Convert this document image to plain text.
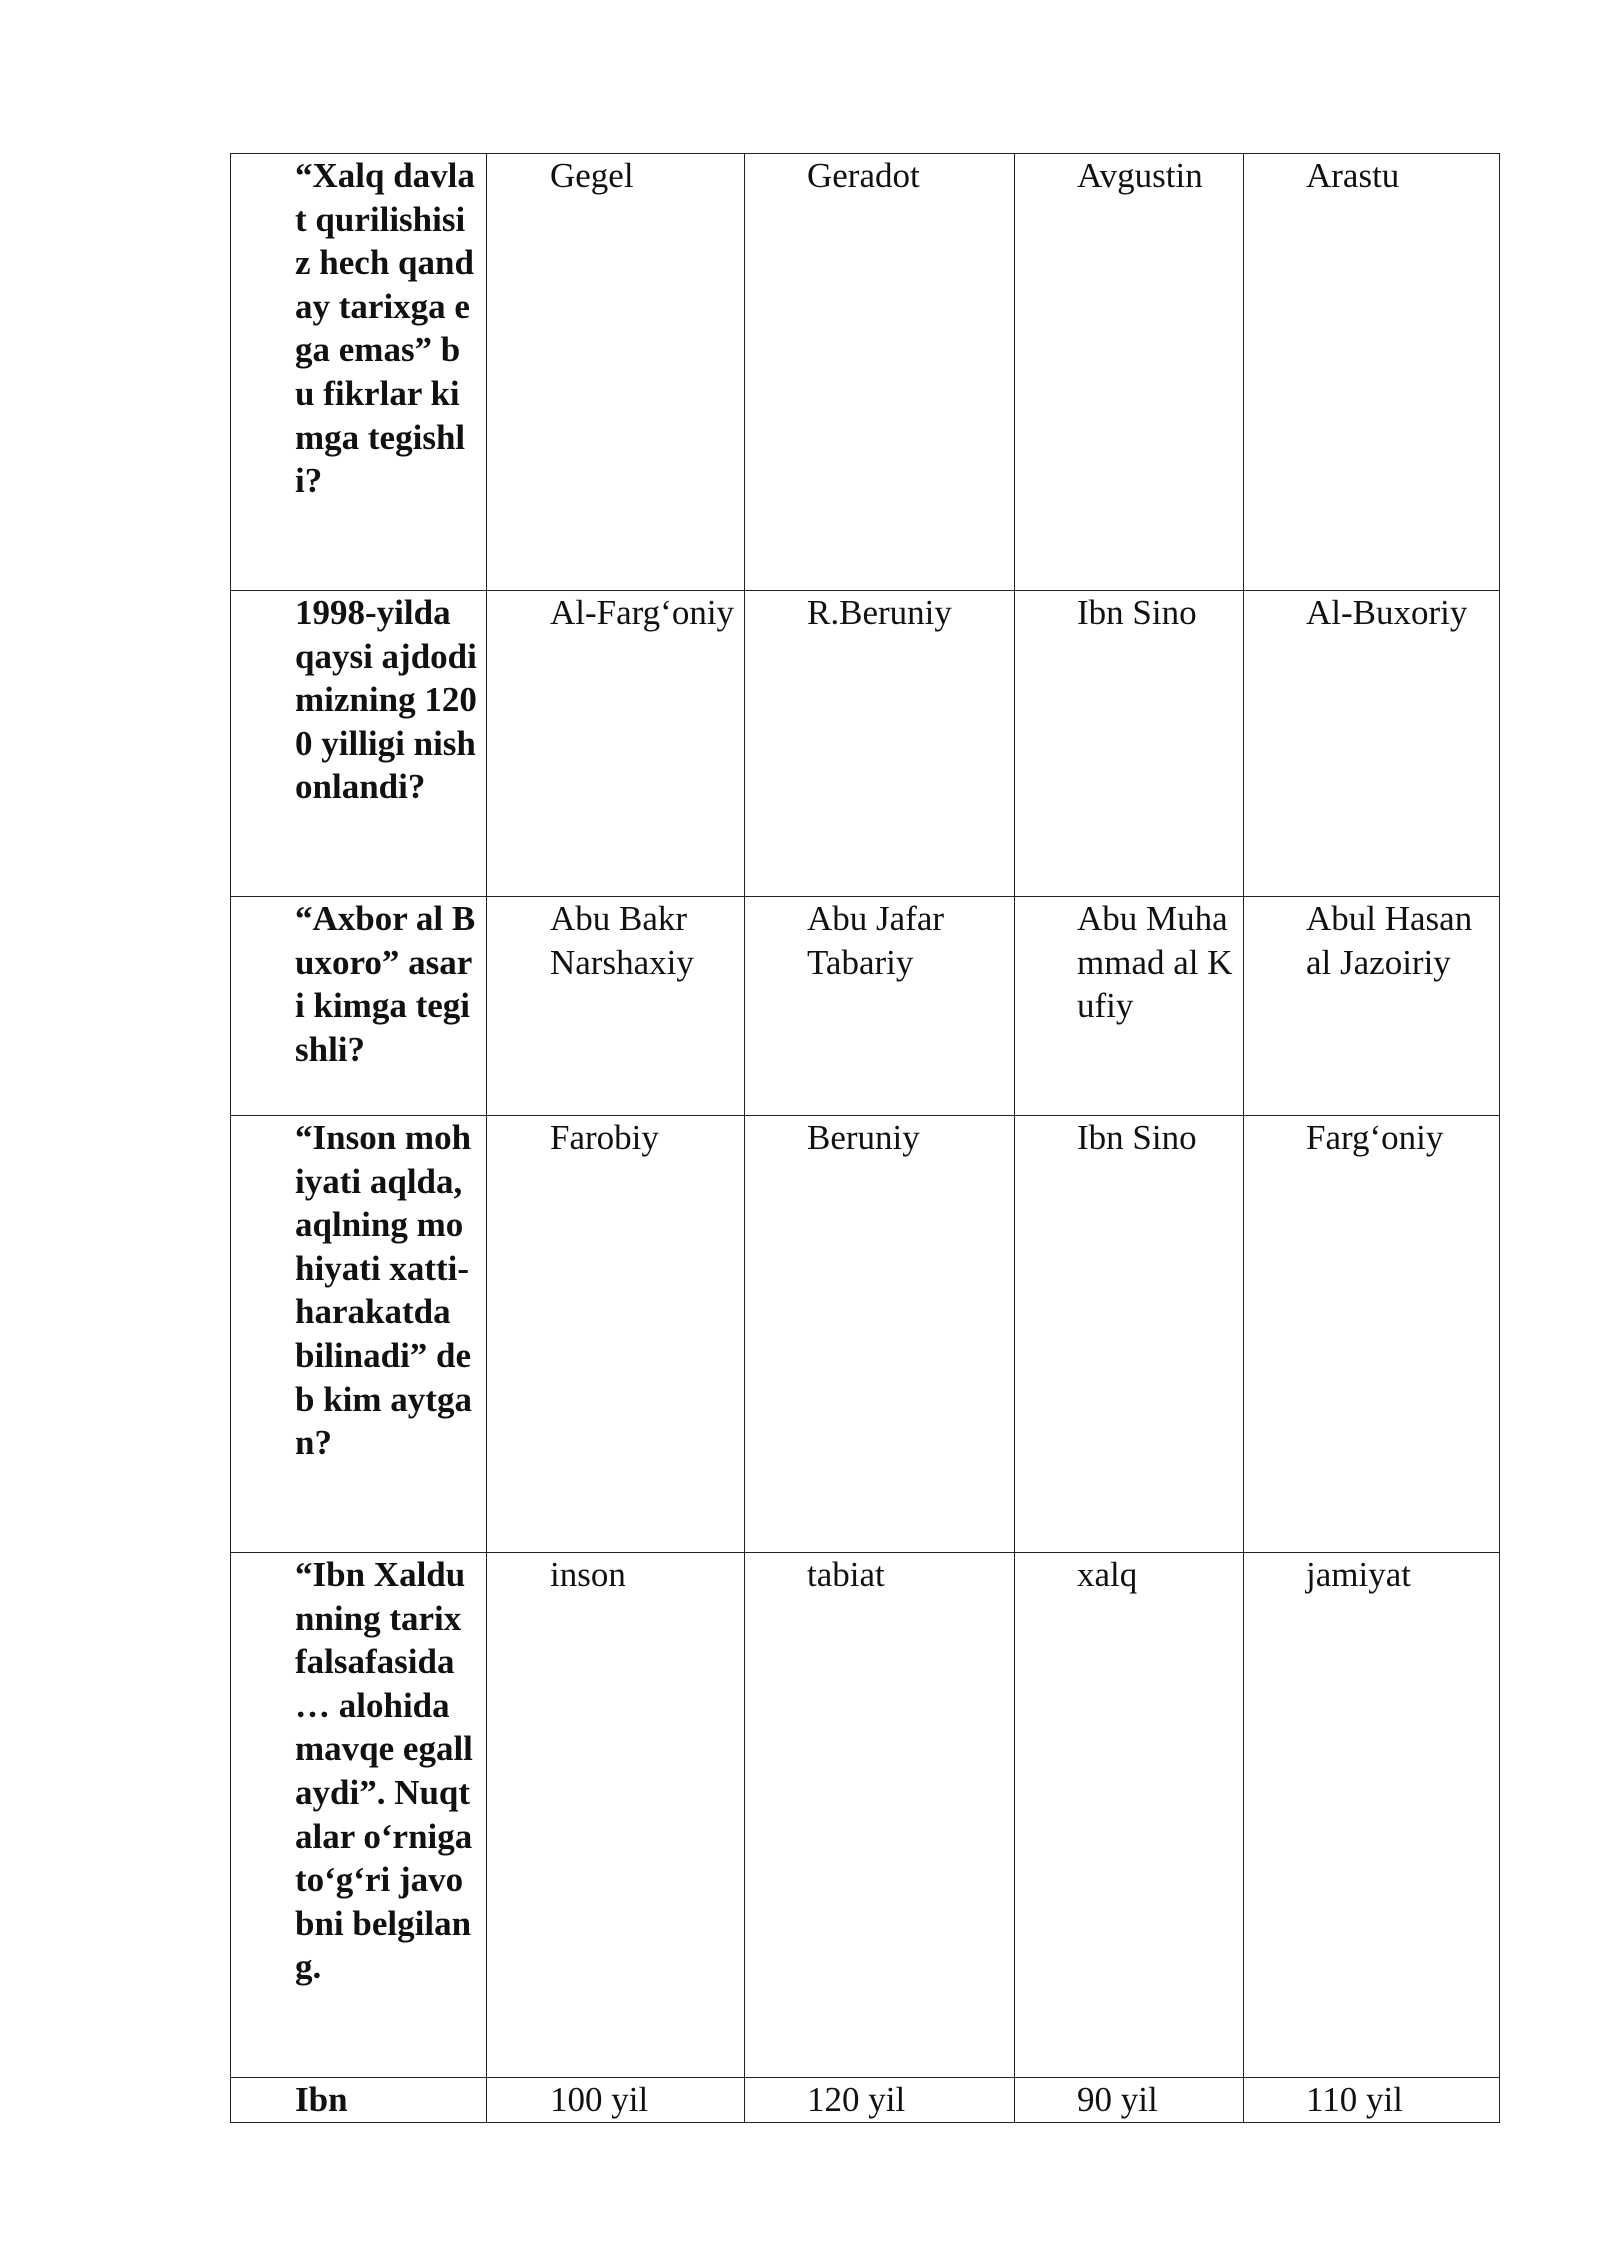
“Xalq davlat qurilishisiz hech qanday tarixga ega emas” bu fikrlar kimga tegishli?	Gegel	Geradot	Avgustin	Arastu
1998-yilda qaysi ajdodimizning 1200 yilligi nishonlandi?	Al-Farg‘oniy	R.Beruniy	Ibn Sino	Al-Buxoriy
“Axbor al Buxoro” asari kimga tegishli?	Abu Bakr Narshaxiy	Abu Jafar Tabariy	Abu Muhammad al Kufiy	Abul Hasan al Jazoiriy
“Inson mohiyati aqlda, aqlning mohiyati xatti-harakatda bilinadi” deb kim aytgan?	Farobiy	Beruniy	Ibn Sino	Farg‘oniy
“Ibn Xaldunning tarix falsafasida … alohida mavqe egallaydi”. Nuqtalar o‘rniga to‘g‘ri javobni belgilang.	inson	tabiat	xalq	jamiyat
Ibn	100 yil	120 yil	90 yil	110 yil
